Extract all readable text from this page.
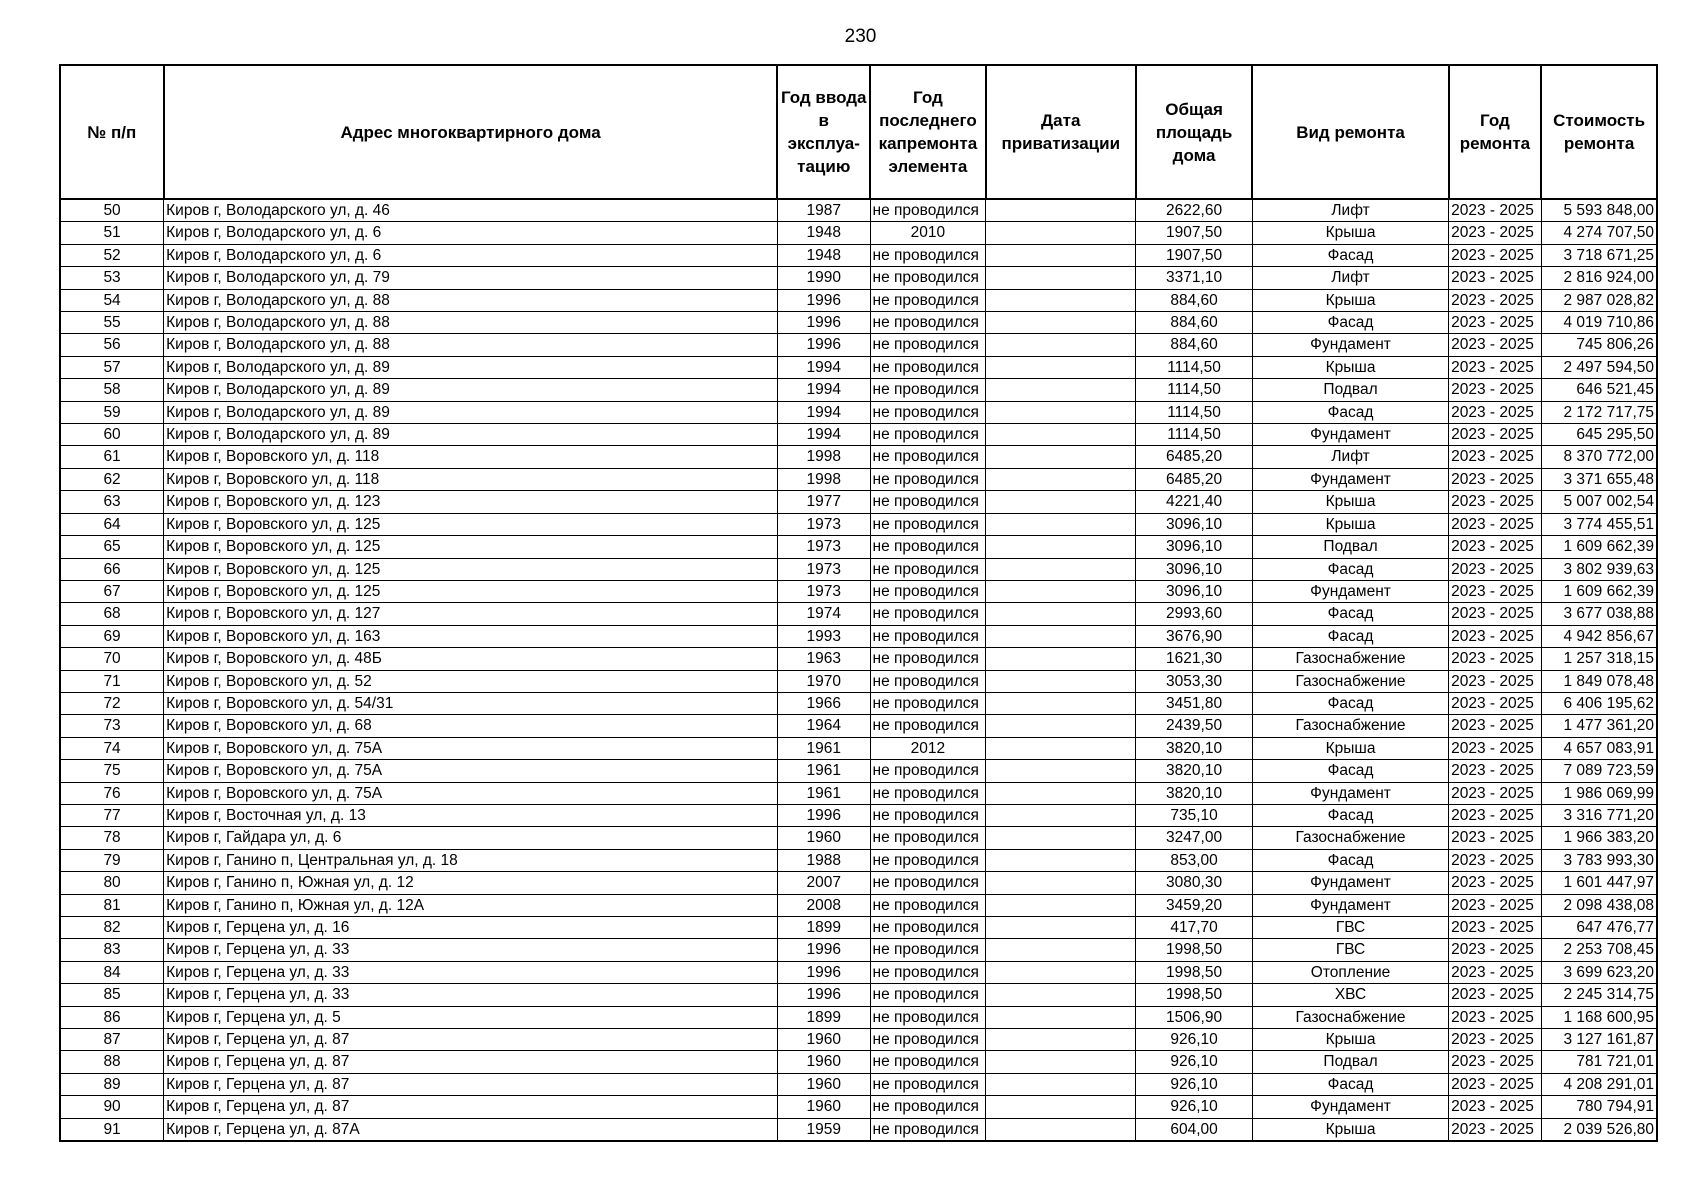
230
№ п/п	Адрес многоквартирного дома	Год ввода в эксплуа-тацию	Год последнего капремонта элемента	Дата приватизации	Общая площадь дома	Вид ремонта	Год ремонта	Стоимость ремонта
50	Киров г, Володарского ул, д. 46	1987	не проводился		2622,60	Лифт	2023 - 2025	5 593 848,00
51	Киров г, Володарского ул, д. 6	1948	2010		1907,50	Крыша	2023 - 2025	4 274 707,50
52	Киров г, Володарского ул, д. 6	1948	не проводился		1907,50	Фасад	2023 - 2025	3 718 671,25
53	Киров г, Володарского ул, д. 79	1990	не проводился		3371,10	Лифт	2023 - 2025	2 816 924,00
54	Киров г, Володарского ул, д. 88	1996	не проводился		884,60	Крыша	2023 - 2025	2 987 028,82
55	Киров г, Володарского ул, д. 88	1996	не проводился		884,60	Фасад	2023 - 2025	4 019 710,86
56	Киров г, Володарского ул, д. 88	1996	не проводился		884,60	Фундамент	2023 - 2025	745 806,26
57	Киров г, Володарского ул, д. 89	1994	не проводился		1114,50	Крыша	2023 - 2025	2 497 594,50
58	Киров г, Володарского ул, д. 89	1994	не проводился		1114,50	Подвал	2023 - 2025	646 521,45
59	Киров г, Володарского ул, д. 89	1994	не проводился		1114,50	Фасад	2023 - 2025	2 172 717,75
60	Киров г, Володарского ул, д. 89	1994	не проводился		1114,50	Фундамент	2023 - 2025	645 295,50
61	Киров г, Воровского ул, д. 118	1998	не проводился		6485,20	Лифт	2023 - 2025	8 370 772,00
62	Киров г, Воровского ул, д. 118	1998	не проводился		6485,20	Фундамент	2023 - 2025	3 371 655,48
63	Киров г, Воровского ул, д. 123	1977	не проводился		4221,40	Крыша	2023 - 2025	5 007 002,54
64	Киров г, Воровского ул, д. 125	1973	не проводился		3096,10	Крыша	2023 - 2025	3 774 455,51
65	Киров г, Воровского ул, д. 125	1973	не проводился		3096,10	Подвал	2023 - 2025	1 609 662,39
66	Киров г, Воровского ул, д. 125	1973	не проводился		3096,10	Фасад	2023 - 2025	3 802 939,63
67	Киров г, Воровского ул, д. 125	1973	не проводился		3096,10	Фундамент	2023 - 2025	1 609 662,39
68	Киров г, Воровского ул, д. 127	1974	не проводился		2993,60	Фасад	2023 - 2025	3 677 038,88
69	Киров г, Воровского ул, д. 163	1993	не проводился		3676,90	Фасад	2023 - 2025	4 942 856,67
70	Киров г, Воровского ул, д. 48Б	1963	не проводился		1621,30	Газоснабжение	2023 - 2025	1 257 318,15
71	Киров г, Воровского ул, д. 52	1970	не проводился		3053,30	Газоснабжение	2023 - 2025	1 849 078,48
72	Киров г, Воровского ул, д. 54/31	1966	не проводился		3451,80	Фасад	2023 - 2025	6 406 195,62
73	Киров г, Воровского ул, д. 68	1964	не проводился		2439,50	Газоснабжение	2023 - 2025	1 477 361,20
74	Киров г, Воровского ул, д. 75А	1961	2012		3820,10	Крыша	2023 - 2025	4 657 083,91
75	Киров г, Воровского ул, д. 75А	1961	не проводился		3820,10	Фасад	2023 - 2025	7 089 723,59
76	Киров г, Воровского ул, д. 75А	1961	не проводился		3820,10	Фундамент	2023 - 2025	1 986 069,99
77	Киров г, Восточная ул, д. 13	1996	не проводился		735,10	Фасад	2023 - 2025	3 316 771,20
78	Киров г, Гайдара ул, д. 6	1960	не проводился		3247,00	Газоснабжение	2023 - 2025	1 966 383,20
79	Киров г, Ганино п, Центральная ул, д. 18	1988	не проводился		853,00	Фасад	2023 - 2025	3 783 993,30
80	Киров г, Ганино п, Южная ул, д. 12	2007	не проводился		3080,30	Фундамент	2023 - 2025	1 601 447,97
81	Киров г, Ганино п, Южная ул, д. 12А	2008	не проводился		3459,20	Фундамент	2023 - 2025	2 098 438,08
82	Киров г, Герцена ул, д. 16	1899	не проводился		417,70	ГВС	2023 - 2025	647 476,77
83	Киров г, Герцена ул, д. 33	1996	не проводился		1998,50	ГВС	2023 - 2025	2 253 708,45
84	Киров г, Герцена ул, д. 33	1996	не проводился		1998,50	Отопление	2023 - 2025	3 699 623,20
85	Киров г, Герцена ул, д. 33	1996	не проводился		1998,50	ХВС	2023 - 2025	2 245 314,75
86	Киров г, Герцена ул, д. 5	1899	не проводился		1506,90	Газоснабжение	2023 - 2025	1 168 600,95
87	Киров г, Герцена ул, д. 87	1960	не проводился		926,10	Крыша	2023 - 2025	3 127 161,87
88	Киров г, Герцена ул, д. 87	1960	не проводился		926,10	Подвал	2023 - 2025	781 721,01
89	Киров г, Герцена ул, д. 87	1960	не проводился		926,10	Фасад	2023 - 2025	4 208 291,01
90	Киров г, Герцена ул, д. 87	1960	не проводился		926,10	Фундамент	2023 - 2025	780 794,91
91	Киров г, Герцена ул, д. 87А	1959	не проводился		604,00	Крыша	2023 - 2025	2 039 526,80
